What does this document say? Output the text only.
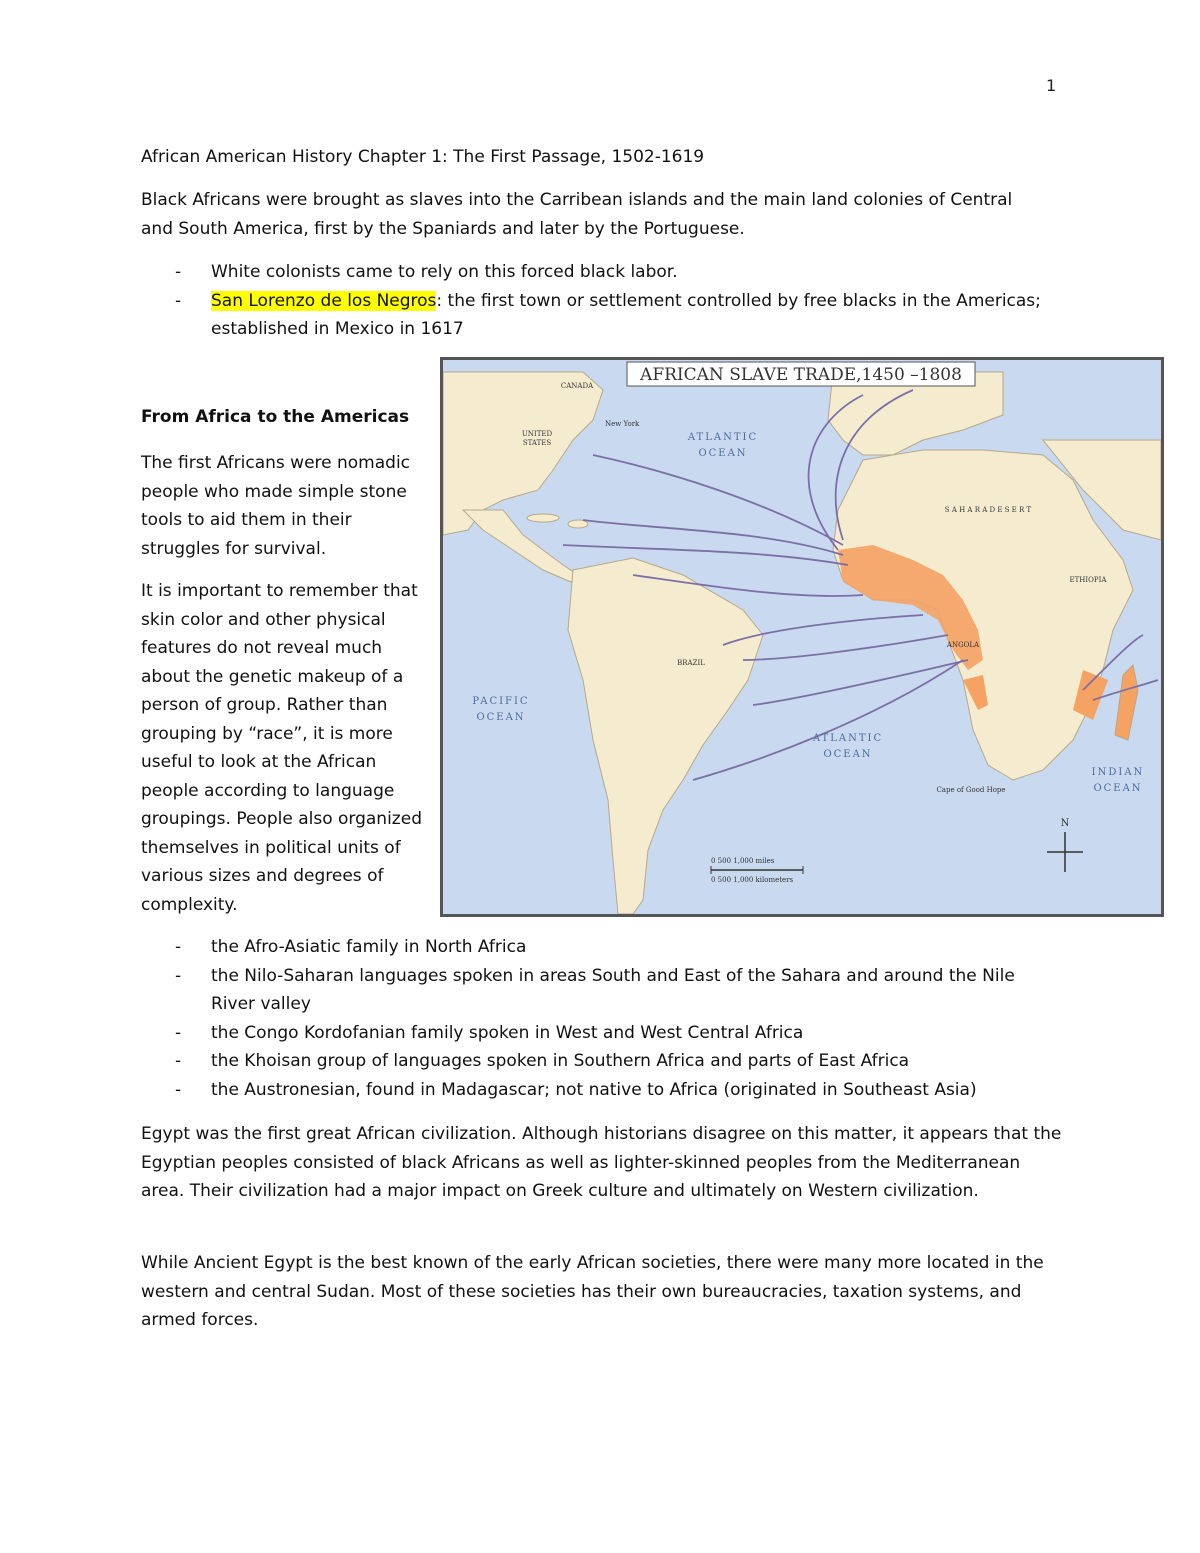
1

African American History Chapter 1: The First Passage, 1502-1619

Black Africans were brought as slaves into the Carribean islands and the main land colonies of Central and South America, first by the Spaniards and later by the Portuguese.

- White colonists came to rely on this forced black labor.
- San Lorenzo de los Negros: the first town or settlement controlled by free blacks in the Americas; established in Mexico in 1617

From Africa to the Americas

The first Africans were nomadic people who made simple stone tools to aid them in their struggles for survival.

It is important to remember that skin color and other physical features do not reveal much about the genetic makeup of a person of group. Rather than grouping by “race”, it is more useful to look at the African people according to language groupings. People also organized themselves in political units of various sizes and degrees of complexity.

AFRICAN SLAVE TRADE,1450 –1808
ATLANTIC
OCEAN
ATLANTIC
OCEAN
PACIFIC
OCEAN
INDIAN
OCEAN
UNITED
STATES
CANADA
New York
BRAZIL
S A H A R A D E S E R T
ANGOLA
ETHIOPIA
Cape of Good Hope
0 500 1,000 miles
0 500 1,000 kilometers
N
- the Afro-Asiatic family in North Africa
- the Nilo-Saharan languages spoken in areas South and East of the Sahara and around the Nile River valley
- the Congo Kordofanian family spoken in West and West Central Africa
- the Khoisan group of languages spoken in Southern Africa and parts of East Africa
- the Austronesian, found in Madagascar; not native to Africa (originated in Southeast Asia)

Egypt was the first great African civilization. Although historians disagree on this matter, it appears that the Egyptian peoples consisted of black Africans as well as lighter-skinned peoples from the Mediterranean area. Their civilization had a major impact on Greek culture and ultimately on Western civilization.

While Ancient Egypt is the best known of the early African societies, there were many more located in the western and central Sudan. Most of these societies has their own bureaucracies, taxation systems, and armed forces.
